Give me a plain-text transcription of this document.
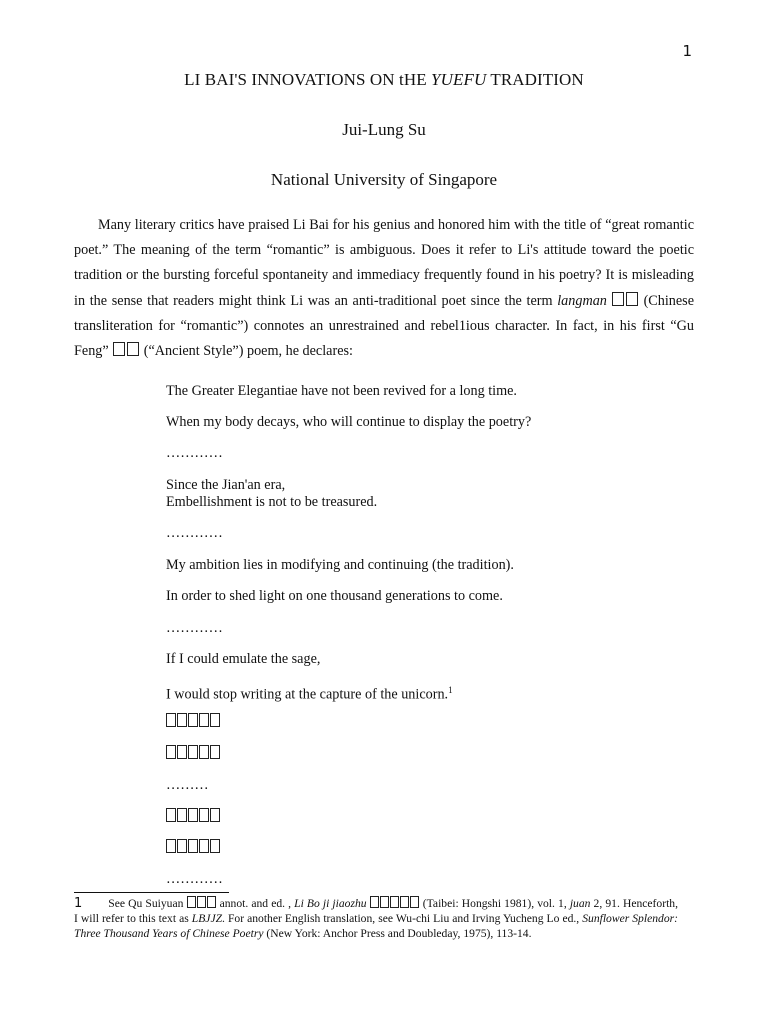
1
LI BAI'S INNOVATIONS ON tHE YUEFU TRADITION
Jui-Lung Su
National University of Singapore
Many literary critics have praised Li Bai for his genius and honored him with the title of “great romantic poet.” The meaning of the term “romantic” is ambiguous. Does it refer to Li's attitude toward the poetic tradition or the bursting forceful spontaneity and immediacy frequently found in his poetry? It is misleading in the sense that readers might think Li was an anti-traditional poet since the term langman (Chinese transliteration for “romantic”) connotes an unrestrained and rebel1ious character. In fact, in his first “Gu Feng”  (“Ancient Style”) poem, he declares:
The Greater Elegantiae have not been revived for a long time.
When my body decays, who will continue to display the poetry?
…………
Since the Jian'an era,
Embellishment is not to be treasured.
…………
My ambition lies in modifying and continuing (the tradition).
In order to shed light on one thousand generations to come.
…………
If I could emulate the sage,
I would stop writing at the capture of the unicorn.$^1$
………
…………
1 See Qu Suiyuan	annot. and ed. , Li Bo ji jiaozhu	(Taibei: Hongshi 1981), vol. 1, juan 2, 91. Henceforth, I will refer to this text as LBJJZ. For another English translation, see Wu-chi Liu and Irving Yucheng Lo ed., Sunflower Splendor: Three Thousand Years of Chinese Poetry (New York: Anchor Press and Doubleday, 1975), 113-14.
